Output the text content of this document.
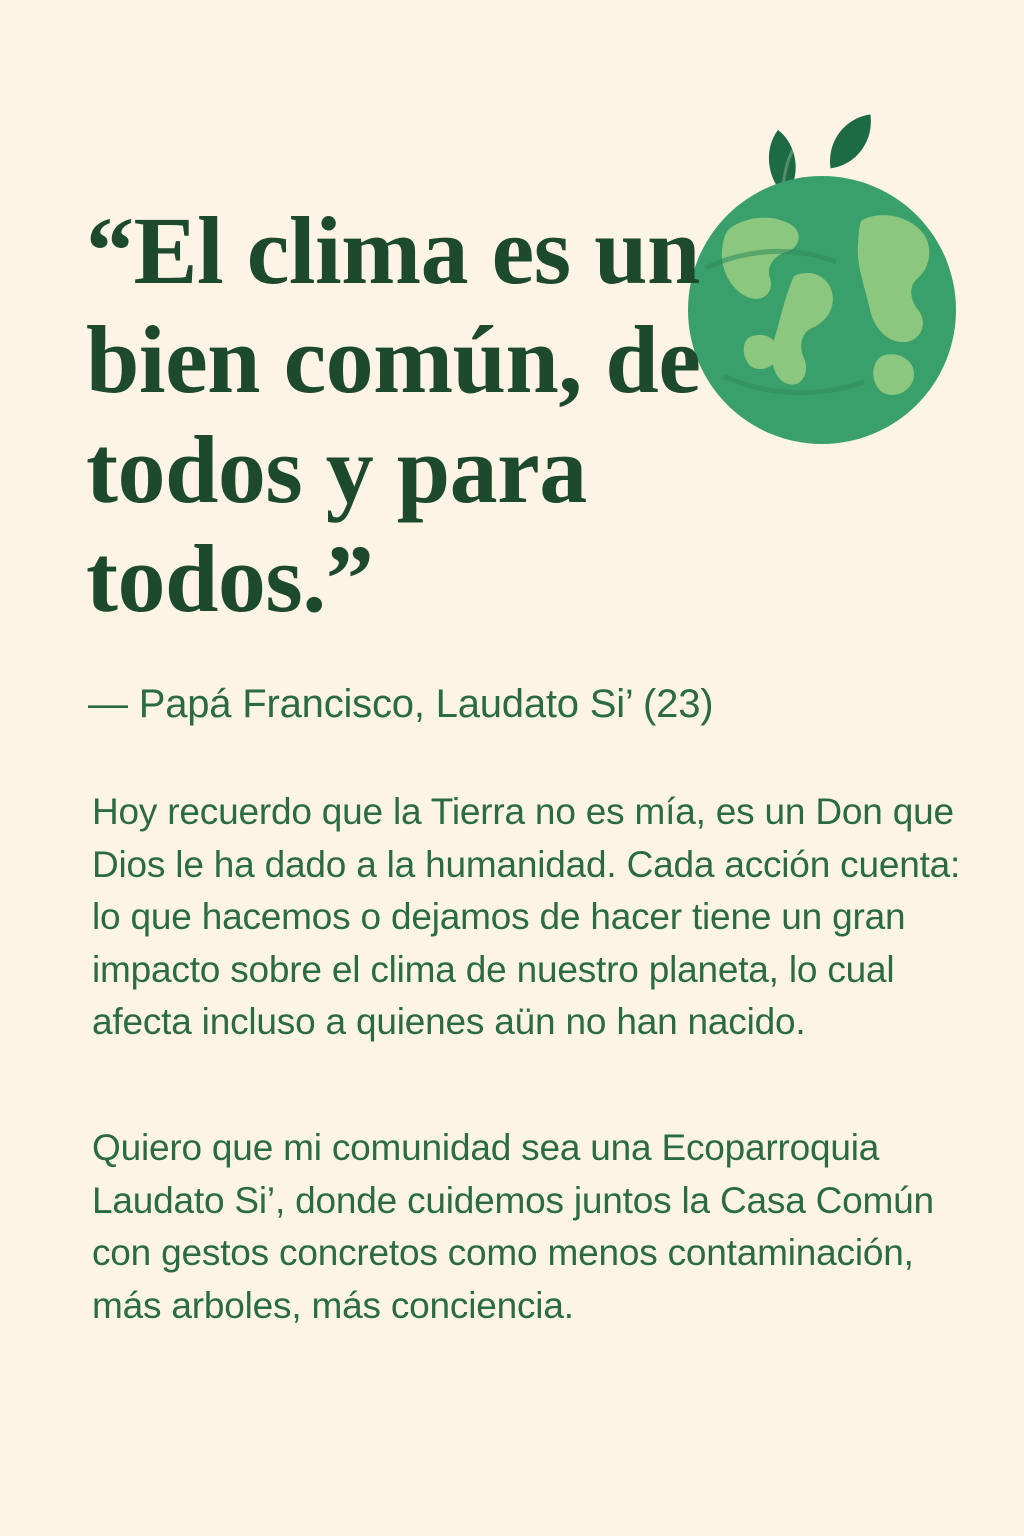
“El clima es un bien común, de todos y para todos.”

— Papá Francisco, Laudato Si’ (23)

Hoy recuerdo que la Tierra no es mía, es un Don que Dios le ha dado a la humanidad. Cada acción cuenta: lo que hacemos o dejamos de hacer tiene un gran impacto sobre el clima de nuestro planeta, lo cual afecta incluso a quienes aün no han nacido.

Quiero que mi comunidad sea una Ecoparroquia Laudato Si’, donde cuidemos juntos la Casa Común con gestos concretos como menos contaminación, más arboles, más conciencia.
